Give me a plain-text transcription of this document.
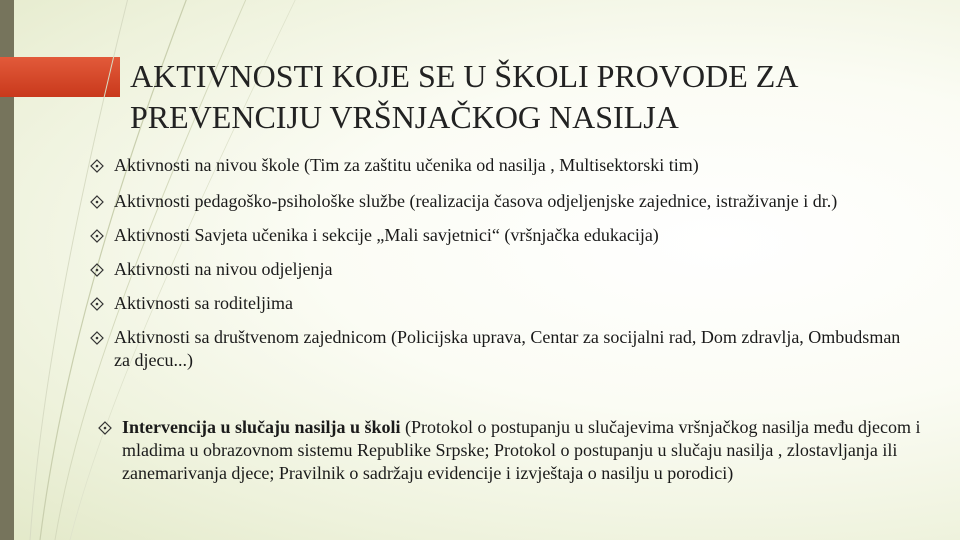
AKTIVNOSTI KOJE SE U ŠKOLI PROVODE ZA PREVENCIJU VRŠNJAČKOG NASILJA
Aktivnosti na nivou škole (Tim za zaštitu učenika od nasilja , Multisektorski tim)
Aktivnosti pedagoško-psihološke službe (realizacija časova odjeljenjske zajednice, istraživanje i dr.)
Aktivnosti Savjeta učenika i sekcije „Mali savjetnici“ (vršnjačka edukacija)
Aktivnosti na nivou odjeljenja
Aktivnosti sa roditeljima
Aktivnosti sa društvenom zajednicom (Policijska uprava, Centar za socijalni rad, Dom zdravlja, Ombudsman za djecu...)
Intervencija u slučaju nasilja u školi (Protokol o postupanju u slučajevima vršnjačkog nasilja među djecom i mladima u obrazovnom sistemu Republike Srpske; Protokol o postupanju u slučaju nasilja , zlostavljanja ili zanemarivanja djece; Pravilnik o sadržaju evidencije i izvještaja o nasilju u porodici)
